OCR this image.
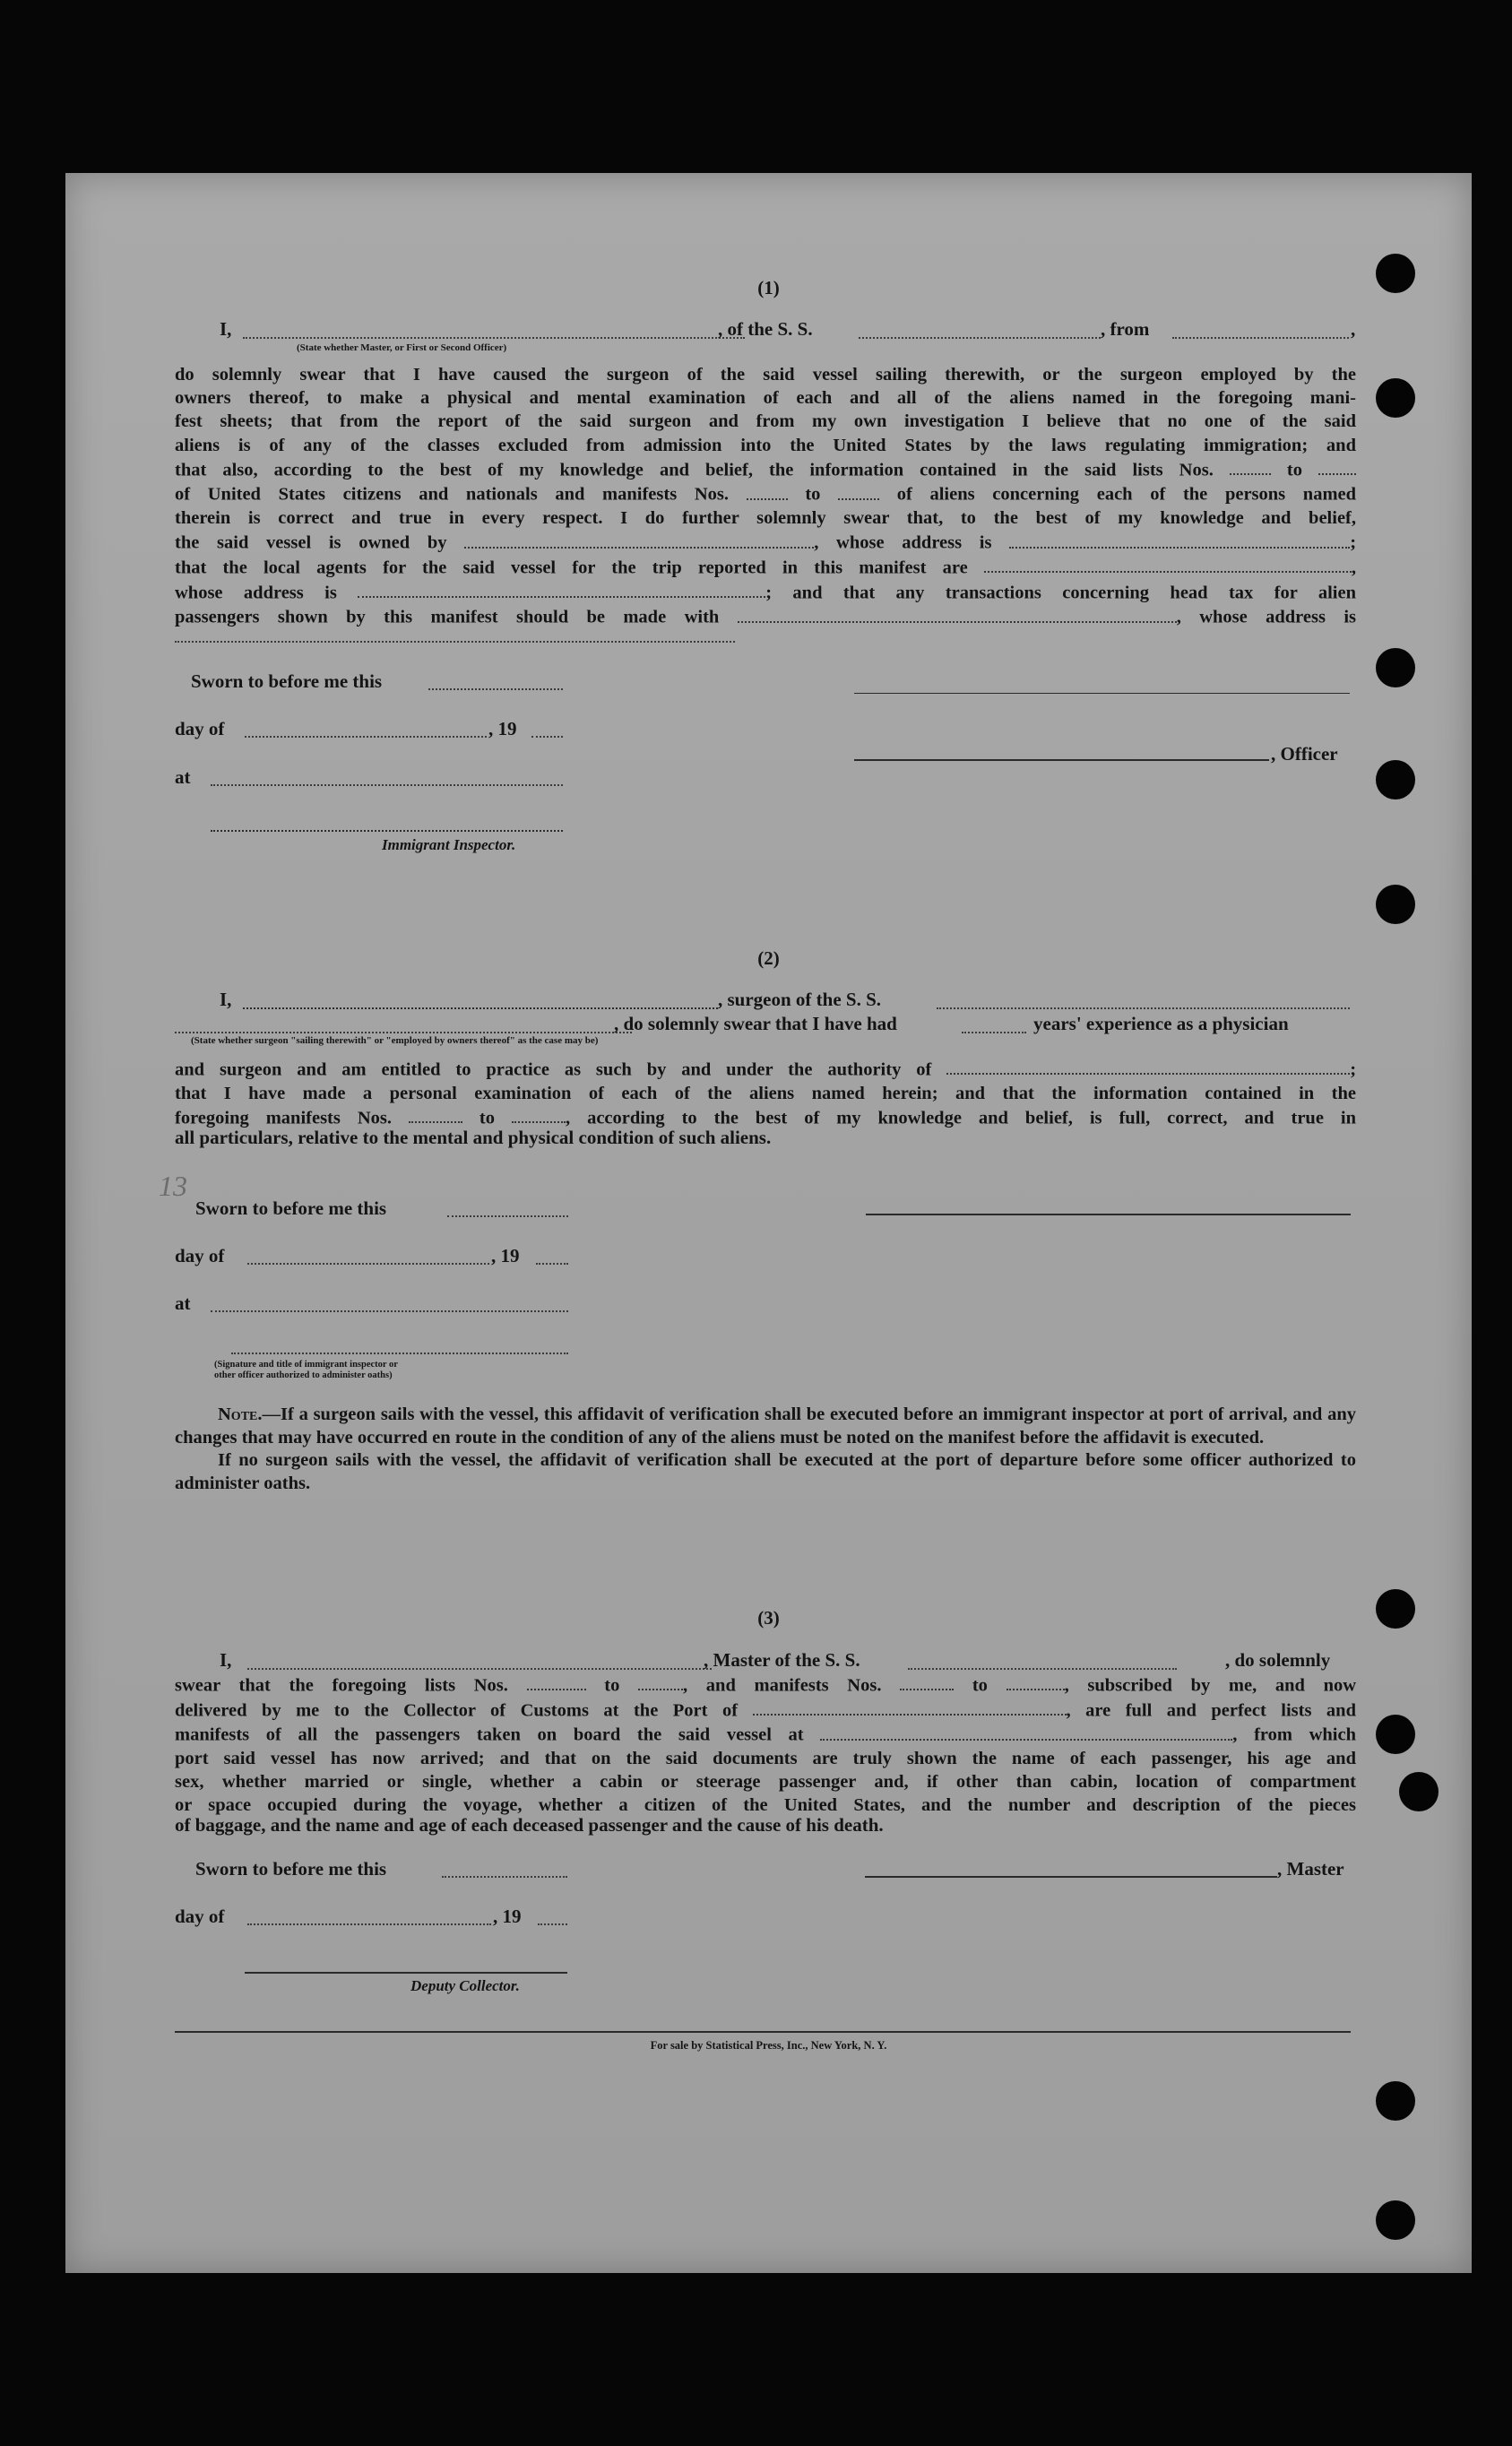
(1)
I,	, of the S. S.	, from	,
(State whether Master, or First or Second Officer)

do solemnly swear that I have caused the surgeon of the said vessel sailing therewith, or the surgeon employed by the

owners thereof, to make a physical and mental examination of each and all of the aliens named in the foregoing mani-

fest sheets; that from the report of the said surgeon and from my own investigation I believe that no one of the said

aliens is of any of the classes excluded from admission into the United States by the laws regulating immigration; and

that also, according to the best of my knowledge and belief, the information contained in the said lists Nos.	to

of United States citizens and nationals and manifests Nos.	to	of aliens concerning each of the persons named

therein is correct and true in every respect. I do further solemnly swear that, to the best of my knowledge and belief,

the said vessel is owned by	, whose address is	;

that the local agents for the said vessel for the trip reported in this manifest are	,

whose address is	; and that any transactions concerning head tax for alien

passengers shown by this manifest should be made with	, whose address is

Sworn to before me this
day of	, 19
, Officer
at
Immigrant Inspector.
(2)
I,	, surgeon of the S. S.
, do solemnly swear that I have had	years' experience as a physician
(State whether surgeon "sailing therewith" or "employed by owners thereof" as the case may be)

and surgeon and am entitled to practice as such by and under the authority of	;

that I have made a personal examination of each of the aliens named herein; and that the information contained in the

foregoing manifests Nos.	to	, according to the best of my knowledge and belief, is full, correct, and true in

all particulars, relative to the mental and physical condition of such aliens.
13
Sworn to before me this
day of	, 19
at
(Signature and title of immigrant inspector or
other officer authorized to administer oaths)

Note.—If a surgeon sails with the vessel, this affidavit of verification shall be executed before an immigrant inspector at port of arrival, and any changes that may have occurred en route in the condition of any of the aliens must be noted on the manifest before the affidavit is executed.

If no surgeon sails with the vessel, the affidavit of verification shall be executed at the port of departure before some officer authorized to administer oaths.

(3)
I,	, Master of the S. S.	, do solemnly

swear that the foregoing lists Nos.	to	, and manifests Nos.	to	, subscribed by me, and now

delivered by me to the Collector of Customs at the Port of	, are full and perfect lists and

manifests of all the passengers taken on board the said vessel at	, from which

port said vessel has now arrived; and that on the said documents are truly shown the name of each passenger, his age and

sex, whether married or single, whether a cabin or steerage passenger and, if other than cabin, location of compartment

or space occupied during the voyage, whether a citizen of the United States, and the number and description of the pieces

of baggage, and the name and age of each deceased passenger and the cause of his death.
Sworn to before me this	, Master
day of	, 19
Deputy Collector.
For sale by Statistical Press, Inc., New York, N. Y.
